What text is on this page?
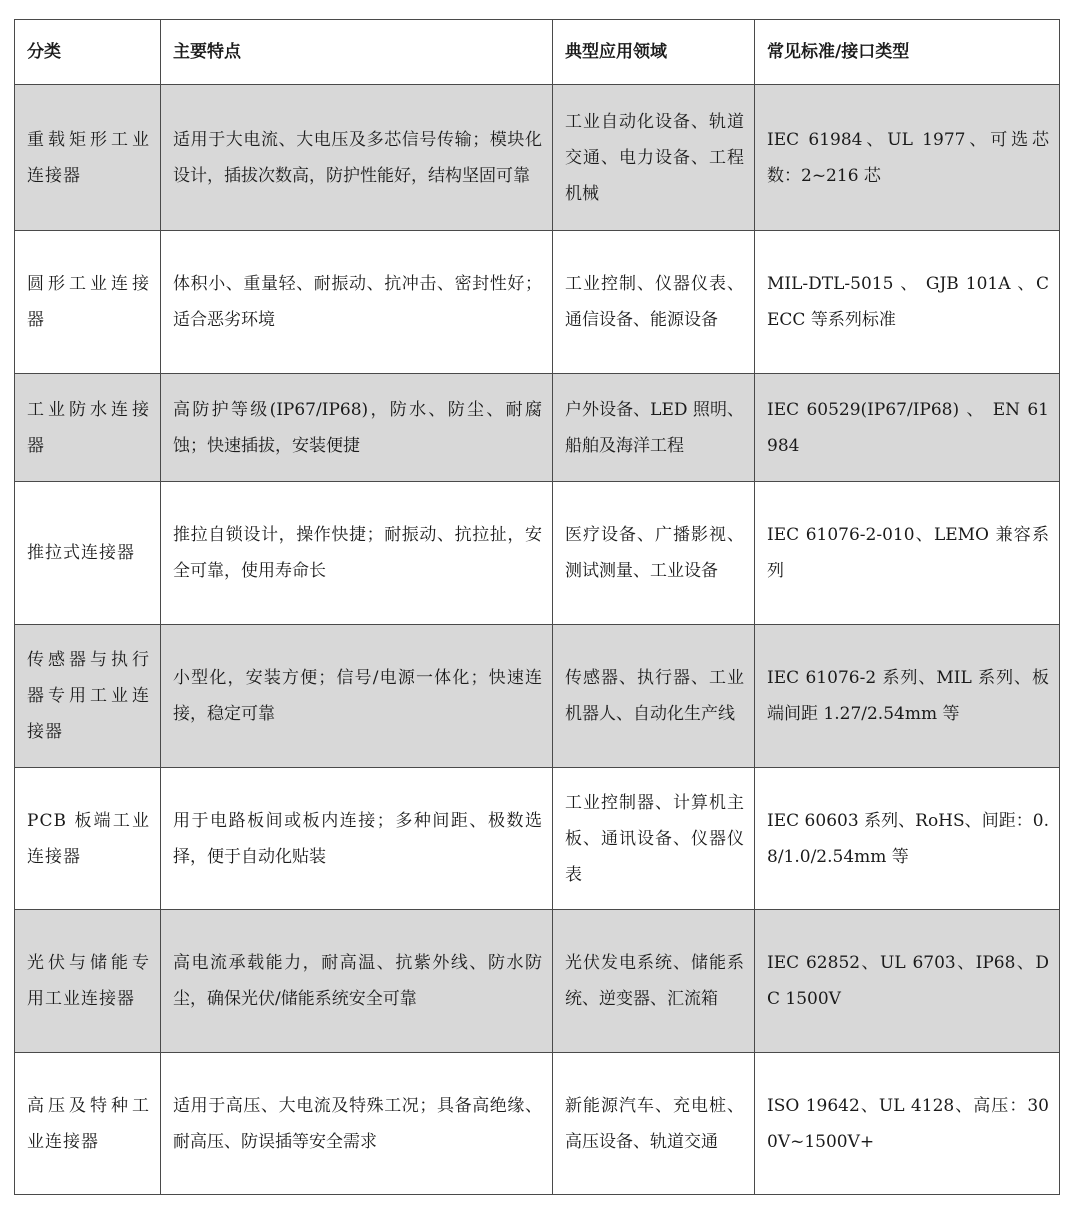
分类	主要特点	典型应用领域	常见标准/接口类型
重载矩形工业连接器	适用于大电流、大电压及多芯信号传输；模块化设计，插拔次数高，防护性能好，结构坚固可靠	工业自动化设备、轨道交通、电力设备、工程机械	IEC 61984、UL 1977、可选芯数：2~216 芯
圆形工业连接器	体积小、重量轻、耐振动、抗冲击、密封性好；适合恶劣环境	工业控制、仪器仪表、通信设备、能源设备	MIL-DTL-5015 、 GJB 101A 、CECC 等系列标准
工业防水连接器	高防护等级(IP67/IP68)，防水、防尘、耐腐蚀；快速插拔，安装便捷	户外设备、LED 照明、船舶及海洋工程	IEC 60529(IP67/IP68) 、 EN 61984
推拉式连接器	推拉自锁设计，操作快捷；耐振动、抗拉扯，安全可靠，使用寿命长	医疗设备、广播影视、测试测量、工业设备	IEC 61076-2-010、LEMO 兼容系列
传感器与执行器专用工业连接器	小型化，安装方便；信号/电源一体化；快速连接，稳定可靠	传感器、执行器、工业机器人、自动化生产线	IEC 61076-2 系列、MIL 系列、板端间距 1.27/2.54mm 等
PCB 板端工业连接器	用于电路板间或板内连接；多种间距、极数选择，便于自动化贴装	工业控制器、计算机主板、通讯设备、仪器仪表	IEC 60603 系列、RoHS、间距：0.8/1.0/2.54mm 等
光伏与储能专用工业连接器	高电流承载能力，耐高温、抗紫外线、防水防尘，确保光伏/储能系统安全可靠	光伏发电系统、储能系统、逆变器、汇流箱	IEC 62852、UL 6703、IP68、DC 1500V
高压及特种工业连接器	适用于高压、大电流及特殊工况；具备高绝缘、耐高压、防误插等安全需求	新能源汽车、充电桩、高压设备、轨道交通	ISO 19642、UL 4128、高压：300V~1500V+
